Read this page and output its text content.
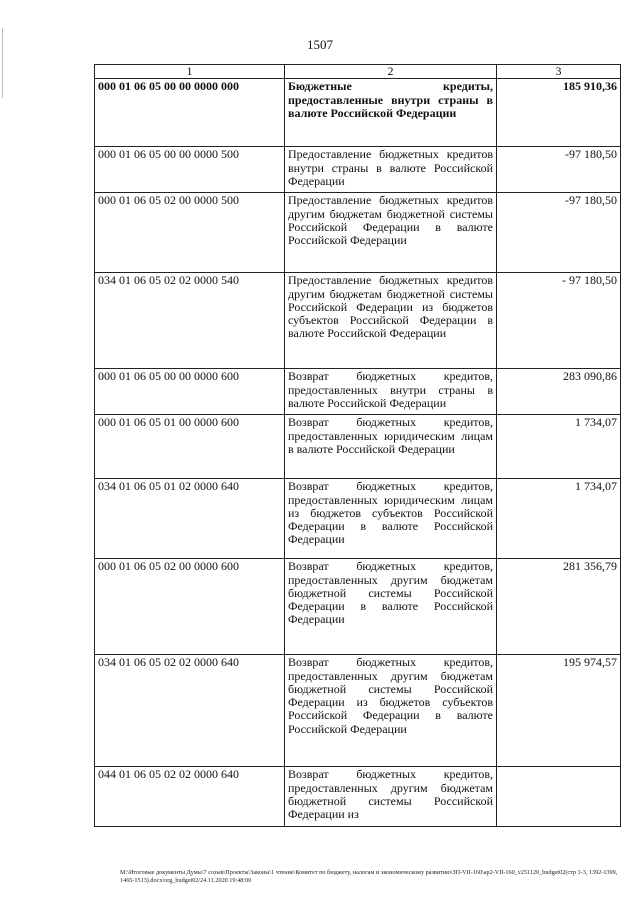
1507
1	2	3
000 01 06 05 00 00 0000 000	Бюджетные кредиты, предоставленные внутри страны в валюте Российской Федерации	185 910,36
000 01 06 05 00 00 0000 500	Предоставление бюджетных кредитов внутри страны в валюте Российской Федерации	-97 180,50
000 01 06 05 02 00 0000 500	Предоставление бюджетных кредитов другим бюджетам бюджетной системы Российской Федерации в валюте Российской Федерации	-97 180,50
034 01 06 05 02 02 0000 540	Предоставление бюджетных кредитов другим бюджетам бюджетной системы Российской Федерации из бюджетов субъектов Российской Федерации в валюте Российской Федерации	- 97 180,50
000 01 06 05 00 00 0000 600	Возврат бюджетных кредитов, предоставленных внутри страны в валюте Российской Федерации	283 090,86
000 01 06 05 01 00 0000 600	Возврат бюджетных кредитов, предоставленных юридическим лицам в валюте Российской Федерации	1 734,07
034 01 06 05 01 02 0000 640	Возврат бюджетных кредитов, предоставленных юридическим лицам из бюджетов субъектов Российской Федерации в валюте Российской Федерации	1 734,07
000 01 06 05 02 00 0000 600	Возврат бюджетных кредитов, предоставленных другим бюджетам бюджетной системы Российской Федерации в валюте Российской Федерации	281 356,79
034 01 06 05 02 02 0000 640	Возврат бюджетных кредитов, предоставленных другим бюджетам бюджетной системы Российской Федерации из бюджетов субъектов Российской Федерации в валюте Российской Федерации	195 974,57
044 01 06 05 02 02 0000 640	Возврат бюджетных кредитов, предоставленных другим бюджетам бюджетной системы Российской Федерации из	
M:\Итоговые документы Думы\7 созыв\Проекты\Законы\1 чтение\Комитет по бюджету, налогам и экономическому развитию\ЗП-VII-160\ap2-VII-160_v251120_budget02(стр 1-3, 1392-1399, 1465-1513).docx/org_budget02/24.11.2020 19:48:00
